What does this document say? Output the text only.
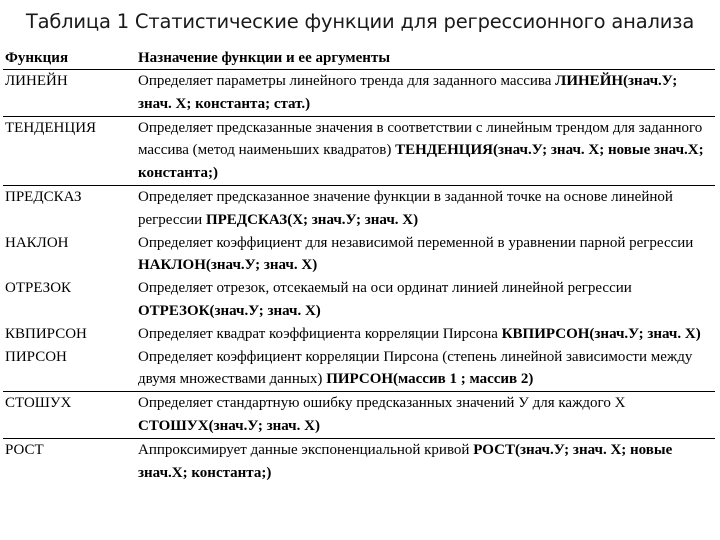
Таблица 1 Статистические функции для регрессионного анализа
Функция	Назначение функции и ее аргументы
ЛИНЕЙН	Определяет параметры линейного тренда для заданного массива ЛИНЕЙН(знач.У; знач. Х; константа; стат.)
ТЕНДЕНЦИЯ	Определяет предсказанные значения в соответствии с линейным трендом для заданного массива (метод наименьших квадратов) ТЕНДЕНЦИЯ(знач.У; знач. Х; новые знач.Х; константа;)
ПРЕДСКАЗ	Определяет предсказанное значение функции в заданной точке на основе линейной регрессии ПРЕДСКАЗ(Х; знач.У; знач. Х)
НАКЛОН	Определяет коэффициент для независимой переменной в уравнении парной регрессии НАКЛОН(знач.У; знач. Х)
ОТРЕЗОК	Определяет отрезок, отсекаемый на оси ординат линией линейной регрессии ОТРЕЗОК(знач.У; знач. Х)
КВПИРСОН	Определяет квадрат коэффициента корреляции Пирсона КВПИРСОН(знач.У; знач. Х)
ПИРСОН	Определяет коэффициент корреляции Пирсона (степень линейной зависимости между двумя множествами данных) ПИРСОН(массив 1 ; массив 2)
СТОШУХ	Определяет стандартную ошибку предсказанных значений У для каждого Х СТОШУХ(знач.У; знач. Х)
РОСТ	Аппроксимирует данные экспоненциальной кривой РОСТ(знач.У; знач. Х; новые знач.Х; константа;)
